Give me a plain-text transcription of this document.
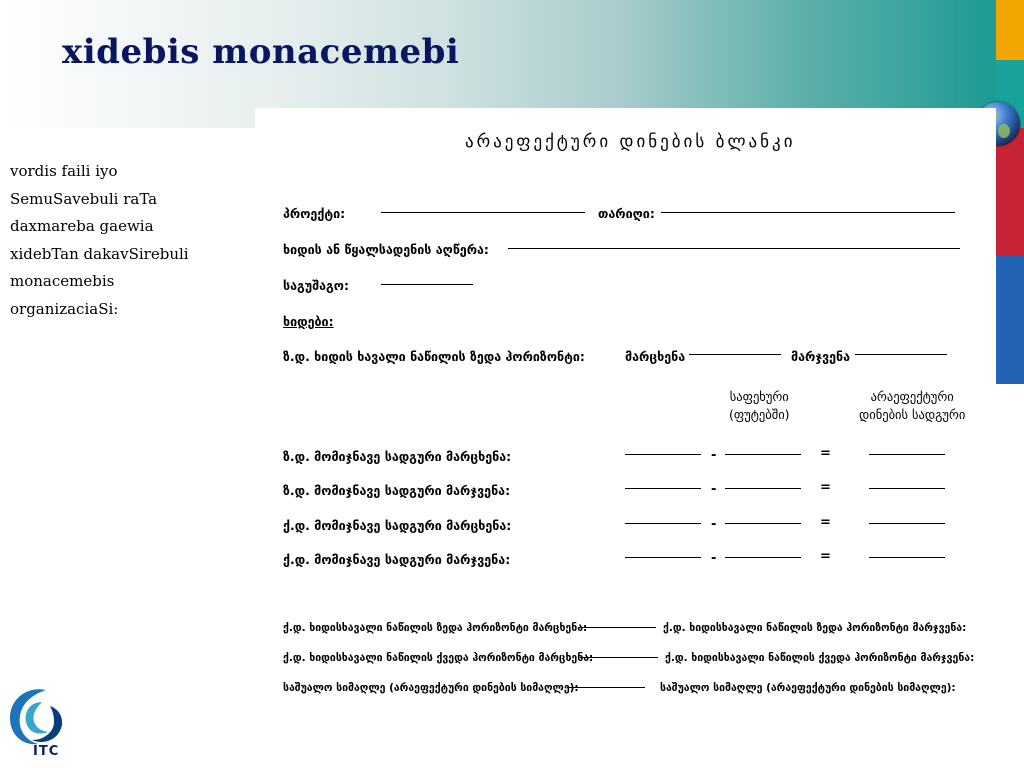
xidebis monacemebi
vordis faili iyo
SemuSavebuli raTa
daxmareba gaewia
xidebTan dakavSirebuli
monacemebis
organizaciaSi:
არაეფექტური დინების ბლანკი
პროექტი:	თარიღი:
ხიდის ან წყალსადენის აღწერა:
საგუშაგო:
ხიდები:
ზ.დ. ხიდის ხავალი ნაწილის ზედა ჰორიზონტი:	მარცხენა	მარჯვენა
საფეხური
(ფუტებში)
არაეფექტური
დინების სადგური
ზ.დ. მომიჯნავე სადგური მარცხენა:	-	=
ზ.დ. მომიჯნავე სადგური მარჯვენა:	-	=
ქ.დ. მომიჯნავე სადგური მარცხენა:	-	=
ქ.დ. მომიჯნავე სადგური მარჯვენა:	-	=
ქ.დ. ხიდისხავალი ნაწილის ზედა ჰორიზონტი მარცხენა:	ქ.დ. ხიდისხავალი ნაწილის ზედა ჰორიზონტი მარჯვენა:
ქ.დ. ხიდისხავალი ნაწილის ქვედა ჰორიზონტი მარცხენა:	ქ.დ. ხიდისხავალი ნაწილის ქვედა ჰორიზონტი მარჯვენა:
საშუალო სიმაღლე (არაეფექტური დინების სიმაღლე):	საშუალო სიმაღლე (არაეფექტური დინების სიმაღლე):
ITC
